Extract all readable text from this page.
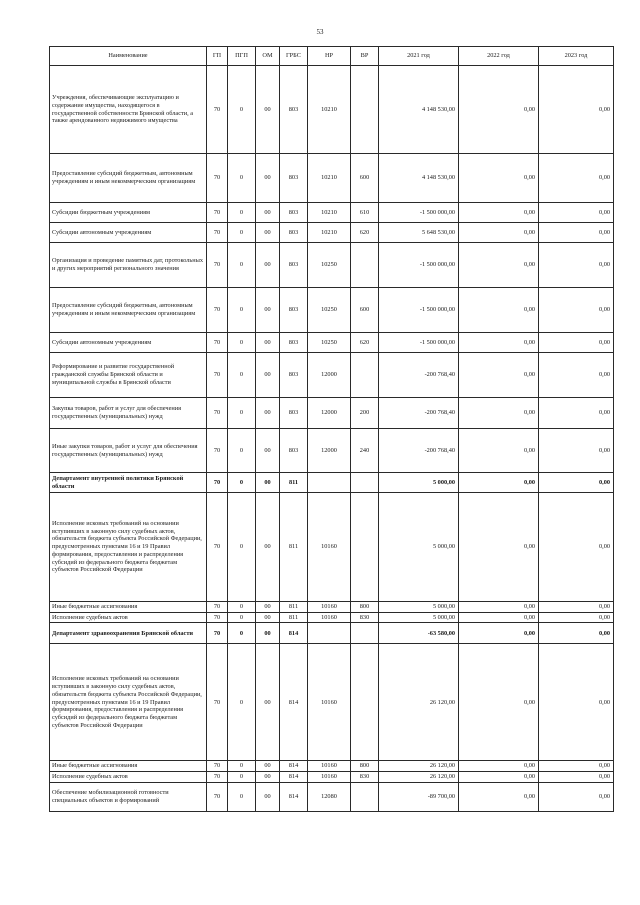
53
Наименование	ГП	ПГП	ОМ	ГРБС	НР	ВР	2021 год	2022 год	2023 год
Учреждения, обеспечивающие эксплуатацию и содержание имущества, находящегося в государственной собственности Брянской области, а также арендованного недвижимого имущества	70	0	00	803	10210		4 148 530,00	0,00	0,00
Предоставление субсидий бюджетным, автономным учреждениям и иным некоммерческим организациям	70	0	00	803	10210	600	4 148 530,00	0,00	0,00
Субсидии бюджетным учреждениям	70	0	00	803	10210	610	-1 500 000,00	0,00	0,00
Субсидии автономным учреждениям	70	0	00	803	10210	620	5 648 530,00	0,00	0,00
Организация и проведение памятных дат, протокольных и других мероприятий регионального значения	70	0	00	803	10250		-1 500 000,00	0,00	0,00
Предоставление субсидий бюджетным, автономным учреждениям и иным некоммерческим организациям	70	0	00	803	10250	600	-1 500 000,00	0,00	0,00
Субсидии автономным учреждениям	70	0	00	803	10250	620	-1 500 000,00	0,00	0,00
Реформирование и развитие государственной гражданской службы Брянской области и муниципальной службы в Брянской области	70	0	00	803	12000		-200 768,40	0,00	0,00
Закупка товаров, работ и услуг для обеспечения государственных (муниципальных) нужд	70	0	00	803	12000	200	-200 768,40	0,00	0,00
Иные закупки товаров, работ и услуг для обеспечения государственных (муниципальных) нужд	70	0	00	803	12000	240	-200 768,40	0,00	0,00
Департамент внутренней политики Брянской области	70	0	00	811			5 000,00	0,00	0,00
Исполнение исковых требований на основании вступивших в законную силу судебных актов, обязательств бюджета субъекта Российской Федерации, предусмотренных пунктами 16 и 19 Правил формирования, предоставления и распределения субсидий из федерального бюджета бюджетам субъектов Российской Федерации	70	0	00	811	10160		5 000,00	0,00	0,00
Иные бюджетные ассигнования	70	0	00	811	10160	800	5 000,00	0,00	0,00
Исполнение судебных актов	70	0	00	811	10160	830	5 000,00	0,00	0,00
Департамент здравоохранения Брянской области	70	0	00	814			-63 580,00	0,00	0,00
Исполнение исковых требований на основании вступивших в законную силу судебных актов, обязательств бюджета субъекта Российской Федерации, предусмотренных пунктами 16 и 19 Правил формирования, предоставления и распределения субсидий из федерального бюджета бюджетам субъектов Российской Федерации	70	0	00	814	10160		26 120,00	0,00	0,00
Иные бюджетные ассигнования	70	0	00	814	10160	800	26 120,00	0,00	0,00
Исполнение судебных актов	70	0	00	814	10160	830	26 120,00	0,00	0,00
Обеспечение мобилизационной готовности специальных объектов и формирований	70	0	00	814	12080		-89 700,00	0,00	0,00
